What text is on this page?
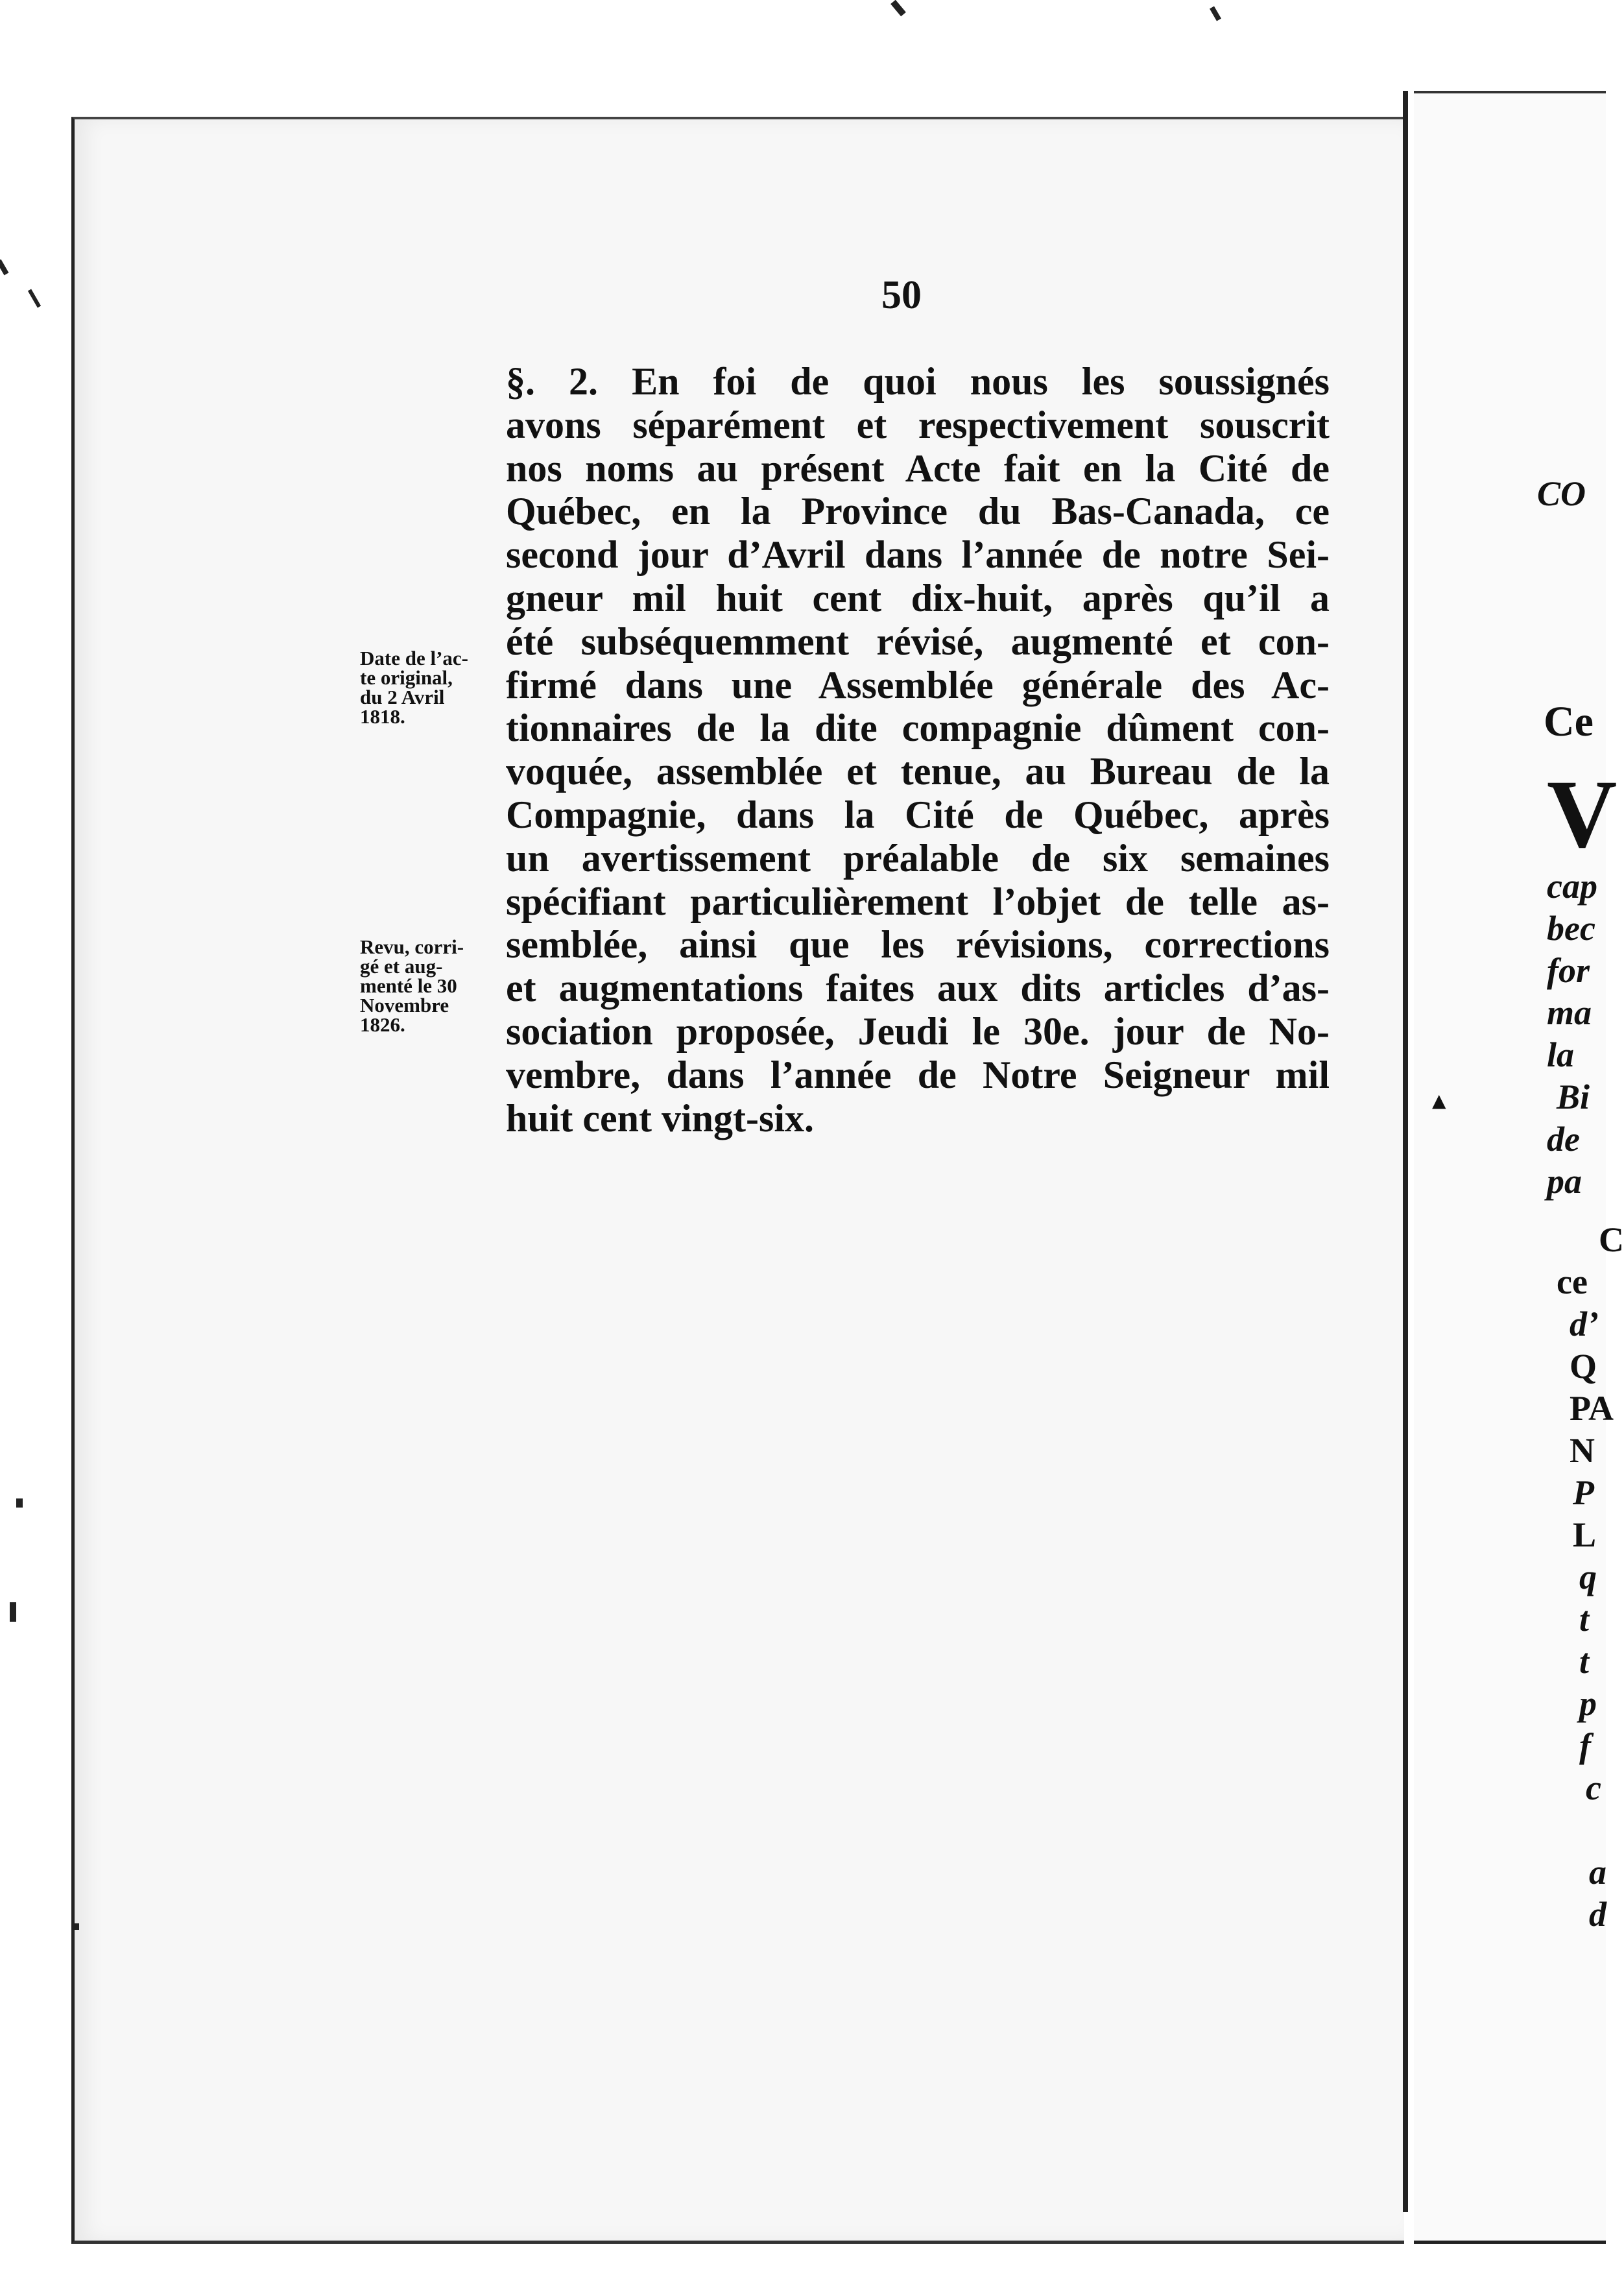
50
Date de l’ac-
te original,
du 2 Avril
1818.
Revu, corri-
gé et aug-
menté le 30
Novembre
1826.
§. 2. En foi de quoi nous les soussignés
avons séparément et respectivement souscrit
nos noms au présent Acte fait en la Cité de
Québec, en la Province du Bas-Canada, ce
second jour d’Avril dans l’année de notre Sei-
gneur mil huit cent dix-huit, après qu’il a
été subséquemment révisé, augmenté et con-
firmé dans une Assemblée générale des Ac-
tionnaires de la dite compagnie dûment con-
voquée, assemblée et tenue, au Bureau de la
Compagnie, dans la Cité de Québec, après
un avertissement préalable de six semaines
spécifiant particulièrement l’objet de telle as-
semblée, ainsi que les révisions, corrections
et augmentations faites aux dits articles d’as-
sociation proposée, Jeudi le 30e. jour de No-
vembre, dans l’année de Notre Seigneur mil
huit cent vingt-six.
CO
Ce
V
cap
bec
for
ma
la
Bi
de
pa
C
ce
d’
Q
PA
N
P
L
q
t
t
p
f
c
a
d
▲
